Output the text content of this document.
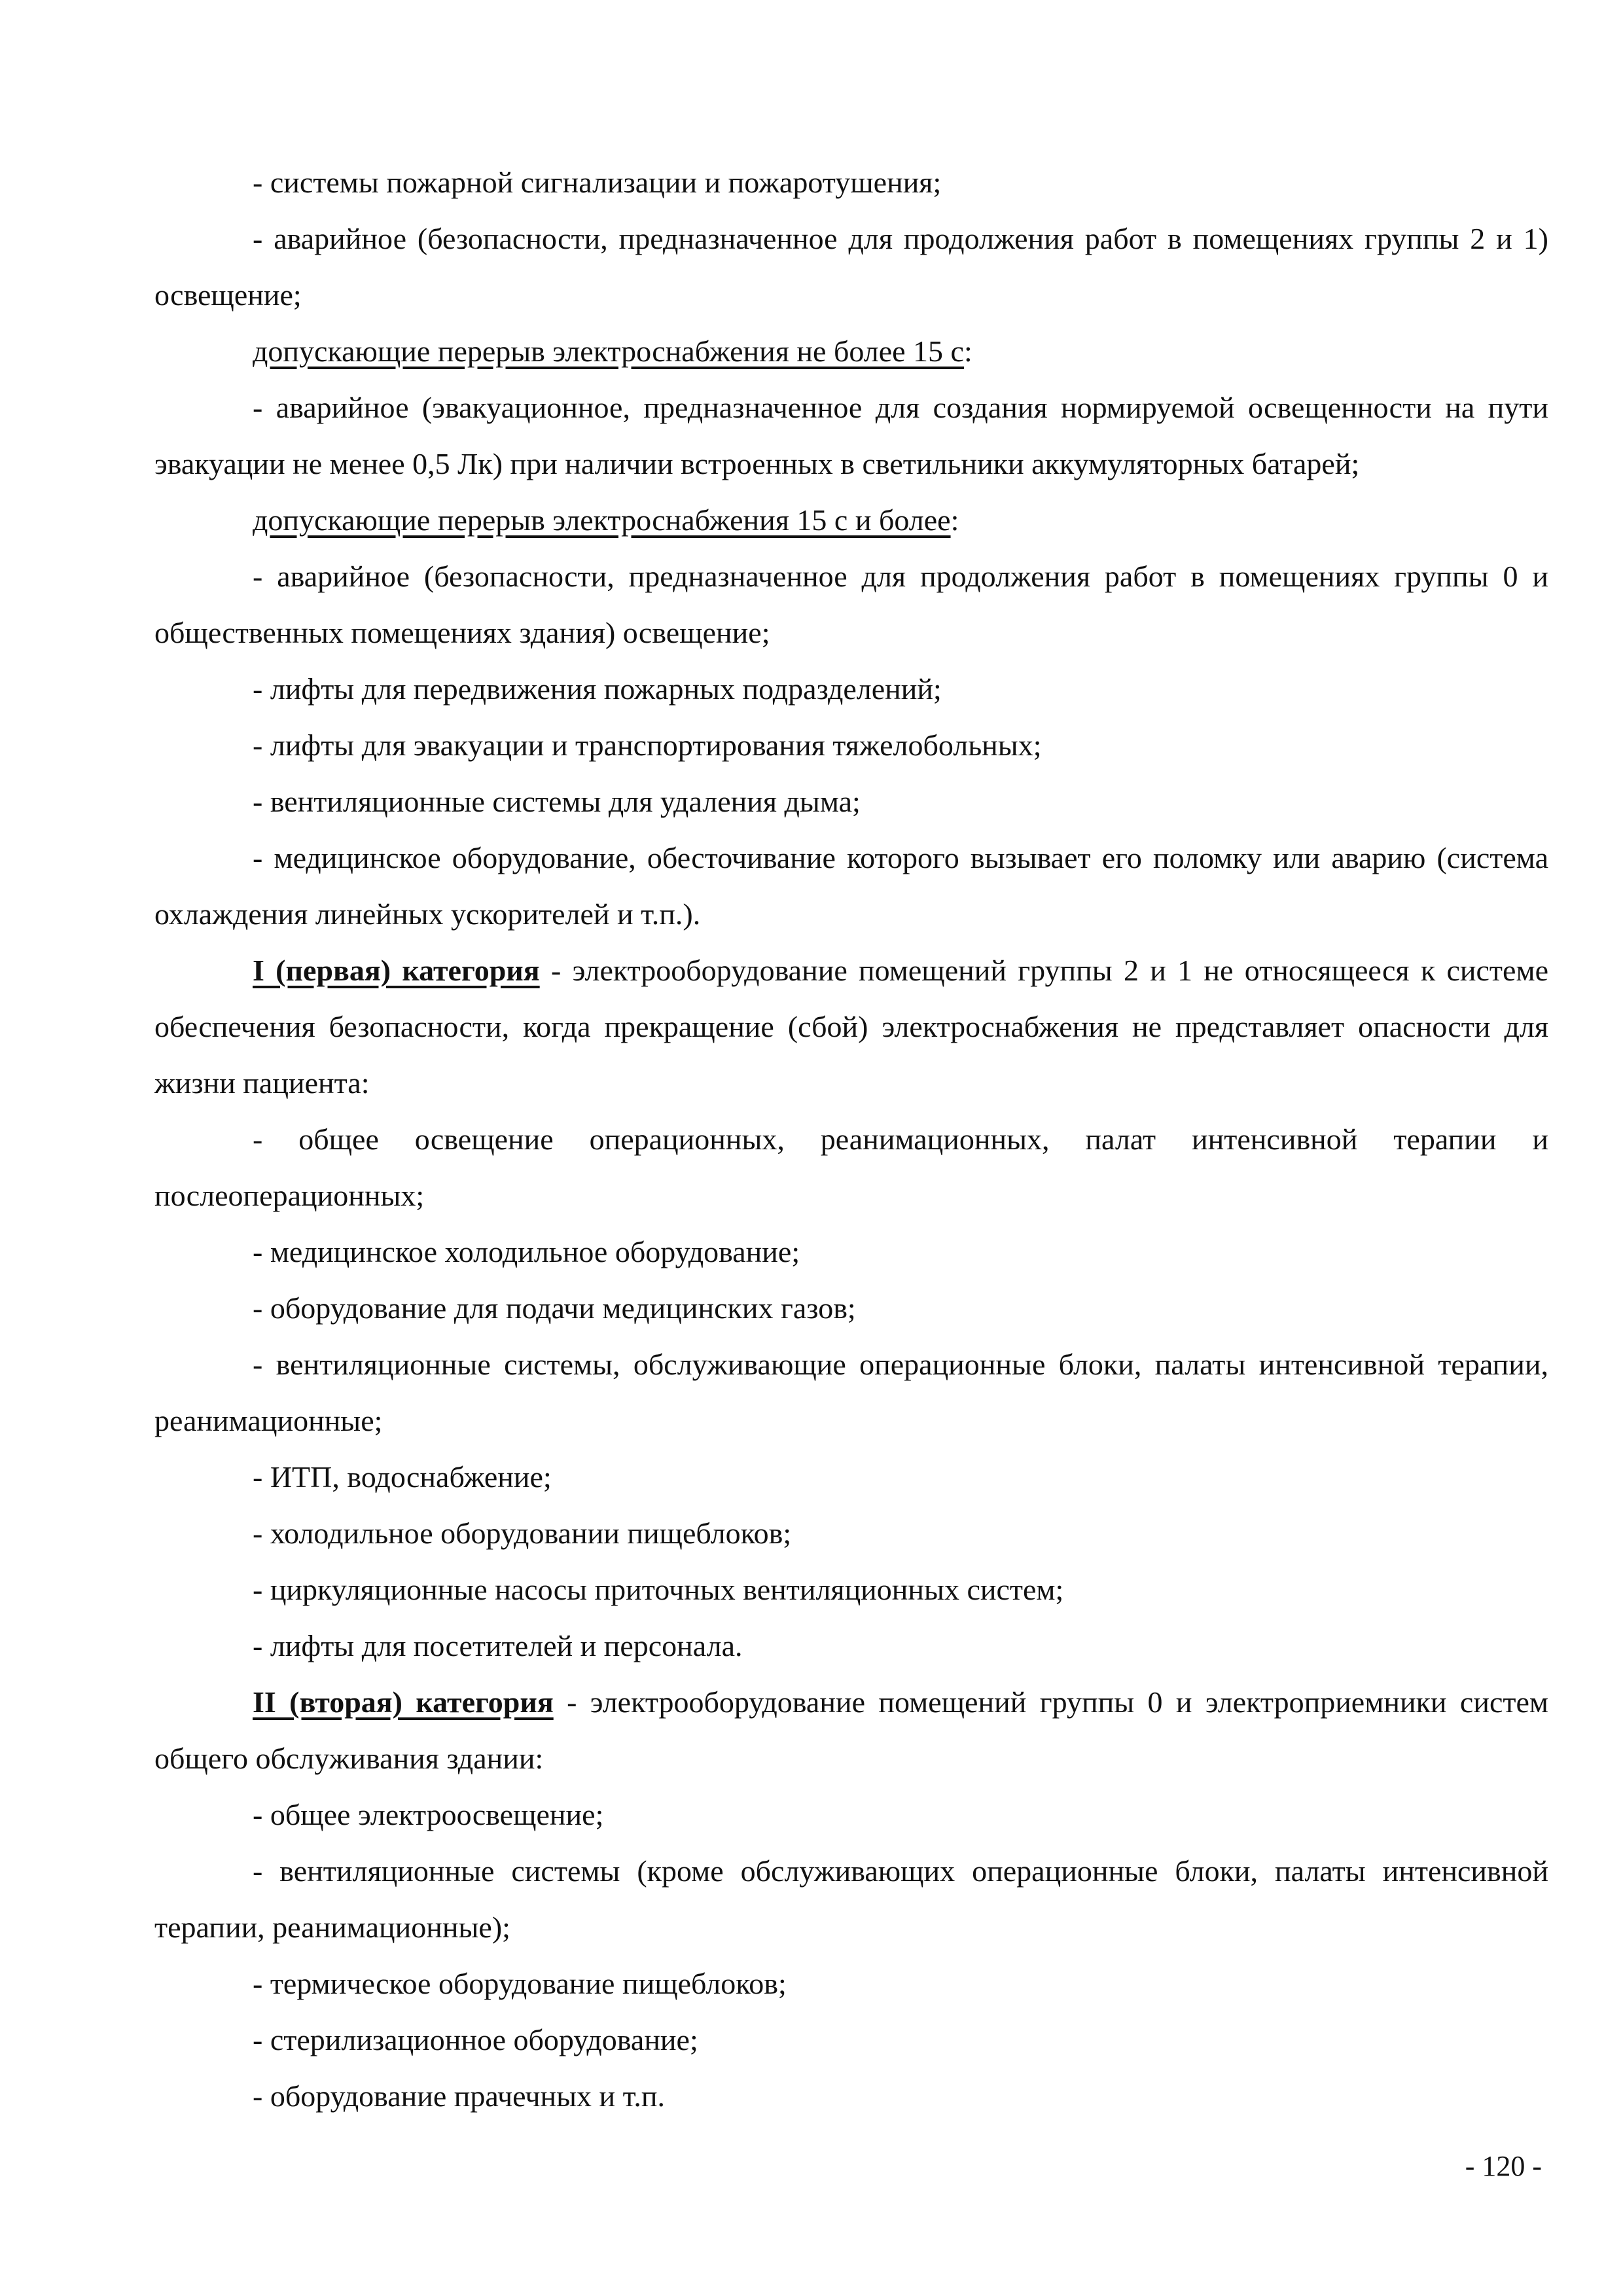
- системы пожарной сигнализации и пожаротушения;

- аварийное (безопасности, предназначенное для продолжения работ в помещениях группы 2 и 1) освещение;

допускающие перерыв электроснабжения не более 15 с:

- аварийное (эвакуационное, предназначенное для создания нормируемой освещенности на пути эвакуации не менее 0,5 Лк) при наличии встроенных в светильники аккумуляторных батарей;

допускающие перерыв электроснабжения 15 с и более:

- аварийное (безопасности, предназначенное для продолжения работ в помещениях группы 0 и общественных помещениях здания) освещение;

- лифты для передвижения пожарных подразделений;

- лифты для эвакуации и транспортирования тяжелобольных;

- вентиляционные системы для удаления дыма;

- медицинское оборудование, обесточивание которого вызывает его поломку или аварию (система охлаждения линейных ускорителей и т.п.).

I (первая) категория - электрооборудование помещений группы 2 и 1 не относящееся к системе обеспечения безопасности, когда прекращение (сбой) электроснабжения не представляет опасности для жизни пациента:

- общее освещение операционных, реанимационных, палат интенсивной терапии и послеоперационных;

- медицинское холодильное оборудование;

- оборудование для подачи медицинских газов;

- вентиляционные системы, обслуживающие операционные блоки, палаты интенсивной терапии, реанимационные;

- ИТП, водоснабжение;

- холодильное оборудовании пищеблоков;

- циркуляционные насосы приточных вентиляционных систем;

- лифты для посетителей и персонала.

II (вторая) категория - электрооборудование помещений группы 0 и электроприемники систем общего обслуживания здании:

- общее электроосвещение;

- вентиляционные системы (кроме обслуживающих операционные блоки, палаты интенсивной терапии, реанимационные);

- термическое оборудование пищеблоков;

- стерилизационное оборудование;

- оборудование прачечных и т.п.

- 120 -
